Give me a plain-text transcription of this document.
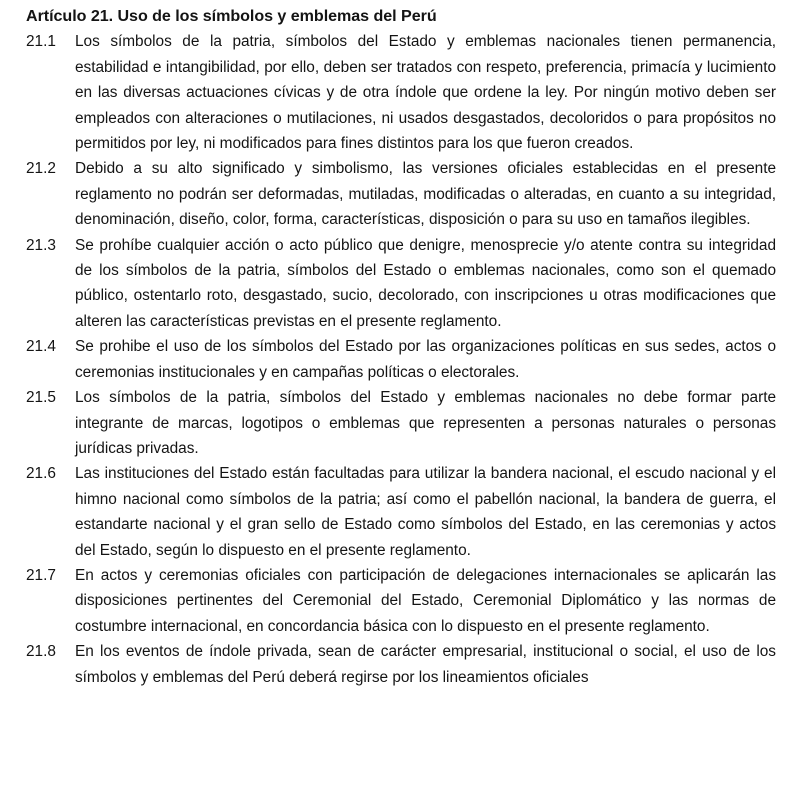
Artículo 21. Uso de los símbolos y emblemas del Perú
21.1	Los símbolos de la patria, símbolos del Estado y emblemas nacionales tienen permanencia, estabilidad e intangibilidad, por ello, deben ser tratados con respeto, preferencia, primacía y lucimiento en las diversas actuaciones cívicas y de otra índole que ordene la ley. Por ningún motivo deben ser empleados con alteraciones o mutilaciones, ni usados desgastados, decoloridos o para propósitos no permitidos por ley, ni modificados para fines distintos para los que fueron creados.
21.2	Debido a su alto significado y simbolismo, las versiones oficiales establecidas en el presente reglamento no podrán ser deformadas, mutiladas, modificadas o alteradas, en cuanto a su integridad, denominación, diseño, color, forma, características, disposición o para su uso en tamaños ilegibles.
21.3	Se prohíbe cualquier acción o acto público que denigre, menosprecie y/o atente contra su integridad de los símbolos de la patria, símbolos del Estado o emblemas nacionales, como son el quemado público, ostentarlo roto, desgastado, sucio, decolorado, con inscripciones u otras modificaciones que alteren las características previstas en el presente reglamento.
21.4	Se prohibe el uso de los símbolos del Estado por las organizaciones políticas en sus sedes, actos o ceremonias institucionales y en campañas políticas o electorales.
21.5	Los símbolos de la patria, símbolos del Estado y emblemas nacionales no debe formar parte integrante de marcas, logotipos o emblemas que representen a personas naturales o personas jurídicas privadas.
21.6	Las instituciones del Estado están facultadas para utilizar la bandera nacional, el escudo nacional y el himno nacional como símbolos de la patria; así como el pabellón nacional, la bandera de guerra, el estandarte nacional y el gran sello de Estado como símbolos del Estado, en las ceremonias y actos del Estado, según lo dispuesto en el presente reglamento.
21.7	En actos y ceremonias oficiales con participación de delegaciones internacionales se aplicarán las disposiciones pertinentes del Ceremonial del Estado, Ceremonial Diplomático y las normas de costumbre internacional, en concordancia básica con lo dispuesto en el presente reglamento.
21.8	En los eventos de índole privada, sean de carácter empresarial, institucional o social, el uso de los símbolos y emblemas del Perú deberá regirse por los lineamientos oficiales
